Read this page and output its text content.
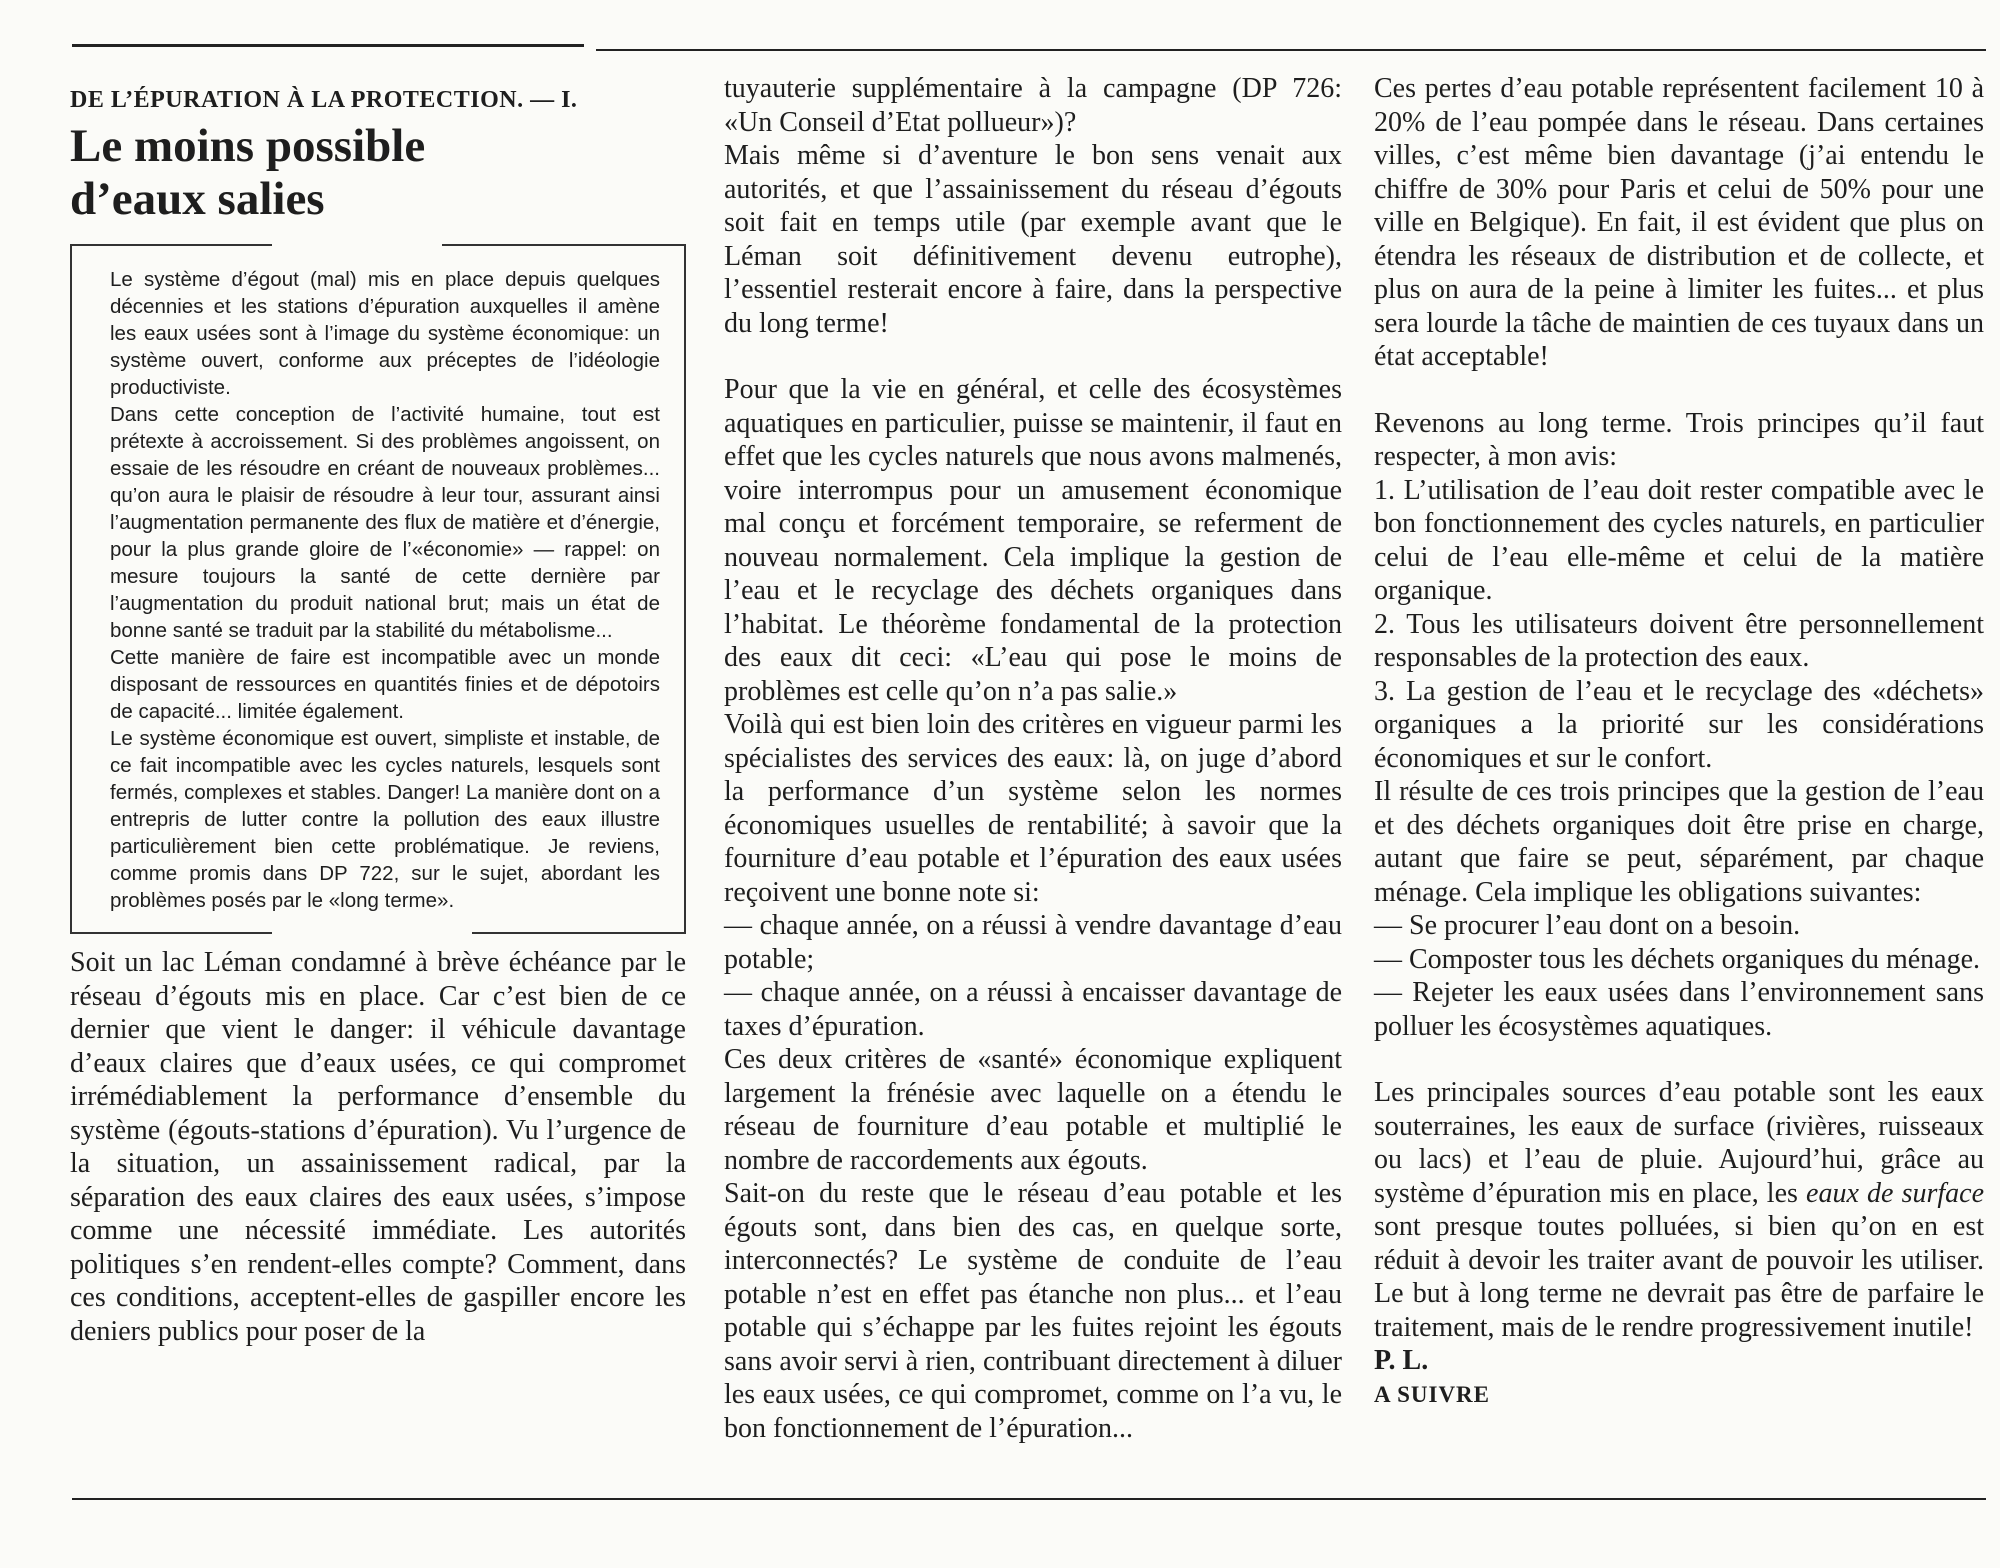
DE L’ÉPURATION À LA PROTECTION. — I.
Le moins possible
d’eaux salies

Le système d’égout (mal) mis en place depuis quelques décennies et les stations d’épuration auxquelles il amène les eaux usées sont à l’image du système économique: un système ouvert, conforme aux préceptes de l’idéologie productiviste.

Dans cette conception de l’activité humaine, tout est prétexte à accroissement. Si des problèmes angoissent, on essaie de les résoudre en créant de nouveaux problèmes... qu’on aura le plaisir de résoudre à leur tour, assurant ainsi l’augmentation permanente des flux de matière et d’énergie, pour la plus grande gloire de l’«économie» — rappel: on mesure toujours la santé de cette dernière par l’augmentation du produit national brut; mais un état de bonne santé se traduit par la stabilité du métabolisme...

Cette manière de faire est incompatible avec un monde disposant de ressources en quantités finies et de dépotoirs de capacité... limitée également.

Le système économique est ouvert, simpliste et instable, de ce fait incompatible avec les cycles naturels, lesquels sont fermés, complexes et stables. Danger! La manière dont on a entrepris de lutter contre la pollution des eaux illustre particulièrement bien cette problématique. Je reviens, comme promis dans DP 722, sur le sujet, abordant les problèmes posés par le «long terme».

Soit un lac Léman condamné à brève échéance par le réseau d’égouts mis en place. Car c’est bien de ce dernier que vient le danger: il véhicule davantage d’eaux claires que d’eaux usées, ce qui compromet irrémédiablement la performance d’ensemble du système (égouts-stations d’épuration). Vu l’urgence de la situation, un assainissement radical, par la séparation des eaux claires des eaux usées, s’impose comme une nécessité immédiate. Les autorités politiques s’en rendent-elles compte? Comment, dans ces conditions, acceptent-elles de gaspiller encore les deniers publics pour poser de la

tuyauterie supplémentaire à la campagne (DP 726: «Un Conseil d’Etat pollueur»)?

Mais même si d’aventure le bon sens venait aux autorités, et que l’assainissement du réseau d’égouts soit fait en temps utile (par exemple avant que le Léman soit définitivement devenu eutrophe), l’essentiel resterait encore à faire, dans la perspective du long terme!

Pour que la vie en général, et celle des écosystèmes aquatiques en particulier, puisse se maintenir, il faut en effet que les cycles naturels que nous avons malmenés, voire interrompus pour un amusement économique mal conçu et forcément temporaire, se referment de nouveau normalement. Cela implique la gestion de l’eau et le recyclage des déchets organiques dans l’habitat. Le théorème fondamental de la protection des eaux dit ceci: «L’eau qui pose le moins de problèmes est celle qu’on n’a pas salie.»

Voilà qui est bien loin des critères en vigueur parmi les spécialistes des services des eaux: là, on juge d’abord la performance d’un système selon les normes économiques usuelles de rentabilité; à savoir que la fourniture d’eau potable et l’épuration des eaux usées reçoivent une bonne note si:

— chaque année, on a réussi à vendre davantage d’eau potable;

— chaque année, on a réussi à encaisser davantage de taxes d’épuration.

Ces deux critères de «santé» économique expliquent largement la frénésie avec laquelle on a étendu le réseau de fourniture d’eau potable et multiplié le nombre de raccordements aux égouts.

Sait-on du reste que le réseau d’eau potable et les égouts sont, dans bien des cas, en quelque sorte, interconnectés? Le système de conduite de l’eau potable n’est en effet pas étanche non plus... et l’eau potable qui s’échappe par les fuites rejoint les égouts sans avoir servi à rien, contribuant directement à diluer les eaux usées, ce qui compromet, comme on l’a vu, le bon fonctionnement de l’épuration...

Ces pertes d’eau potable représentent facilement 10 à 20% de l’eau pompée dans le réseau. Dans certaines villes, c’est même bien davantage (j’ai entendu le chiffre de 30% pour Paris et celui de 50% pour une ville en Belgique). En fait, il est évident que plus on étendra les réseaux de distribution et de collecte, et plus on aura de la peine à limiter les fuites... et plus sera lourde la tâche de maintien de ces tuyaux dans un état acceptable!

Revenons au long terme. Trois principes qu’il faut respecter, à mon avis:

1. L’utilisation de l’eau doit rester compatible avec le bon fonctionnement des cycles naturels, en particulier celui de l’eau elle-même et celui de la matière organique.

2. Tous les utilisateurs doivent être personnellement responsables de la protection des eaux.

3. La gestion de l’eau et le recyclage des «déchets» organiques a la priorité sur les considérations économiques et sur le confort.

Il résulte de ces trois principes que la gestion de l’eau et des déchets organiques doit être prise en charge, autant que faire se peut, séparément, par chaque ménage. Cela implique les obligations suivantes:

— Se procurer l’eau dont on a besoin.

— Composter tous les déchets organiques du ménage.

— Rejeter les eaux usées dans l’environnement sans polluer les écosystèmes aquatiques.

Les principales sources d’eau potable sont les eaux souterraines, les eaux de surface (rivières, ruisseaux ou lacs) et l’eau de pluie. Aujourd’hui, grâce au système d’épuration mis en place, les eaux de surface sont presque toutes polluées, si bien qu’on en est réduit à devoir les traiter avant de pouvoir les utiliser. Le but à long terme ne devrait pas être de parfaire le traitement, mais de le rendre progressivement inutile!

P. L.

A SUIVRE
